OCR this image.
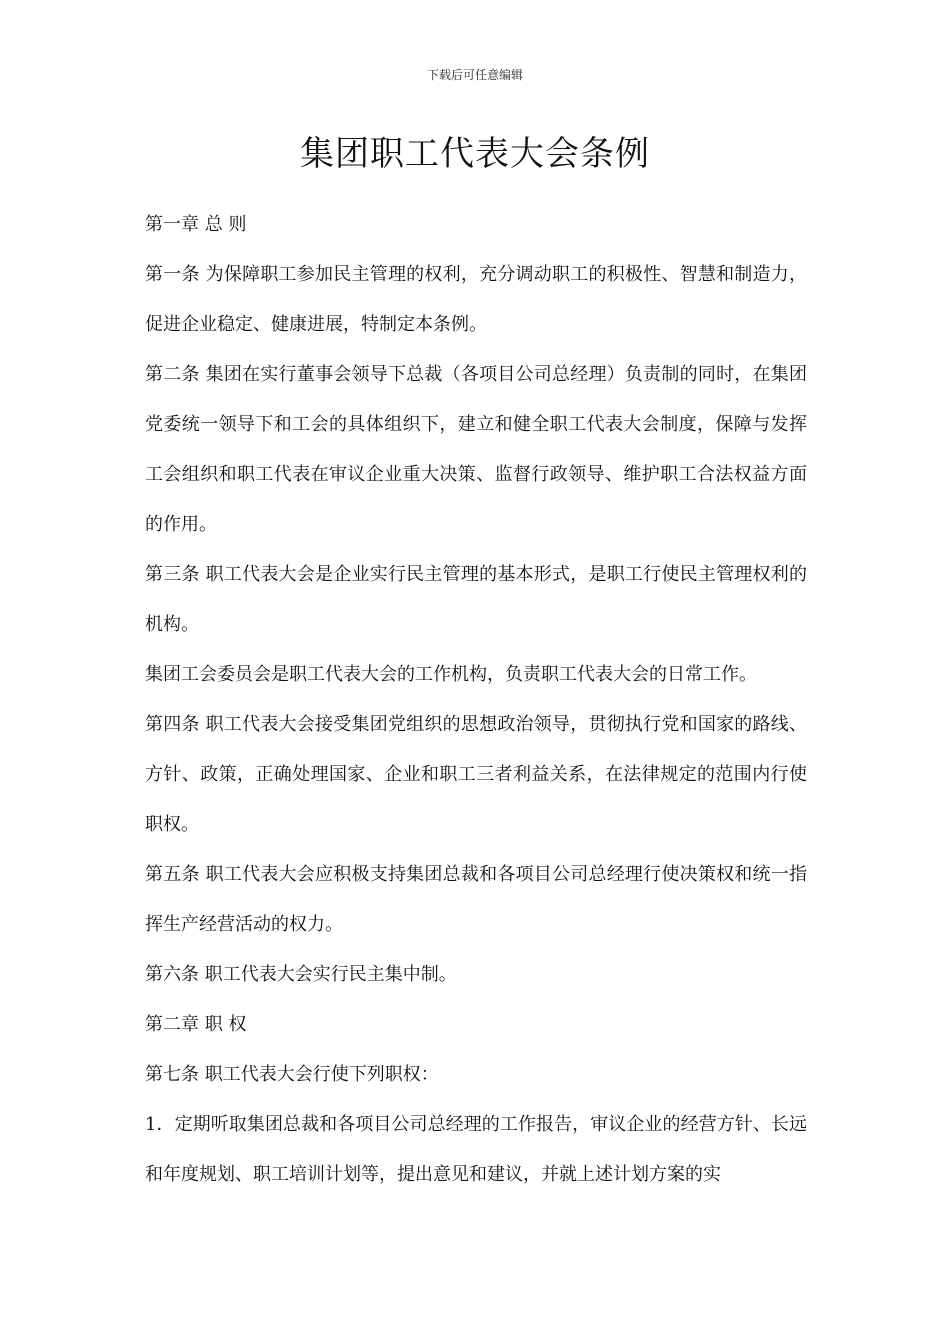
下载后可任意编辑
集团职工代表大会条例

第一章 总 则

第一条 为保障职工参加民主管理的权利，充分调动职工的积极性、智慧和制造力，促进企业稳定、健康进展，特制定本条例。

第二条 集团在实行董事会领导下总裁（各项目公司总经理）负责制的同时，在集团党委统一领导下和工会的具体组织下，建立和健全职工代表大会制度，保障与发挥工会组织和职工代表在审议企业重大决策、监督行政领导、维护职工合法权益方面的作用。

第三条 职工代表大会是企业实行民主管理的基本形式，是职工行使民主管理权利的机构。

集团工会委员会是职工代表大会的工作机构，负责职工代表大会的日常工作。

第四条 职工代表大会接受集团党组织的思想政治领导，贯彻执行党和国家的路线、方针、政策，正确处理国家、企业和职工三者利益关系，在法律规定的范围内行使职权。

第五条 职工代表大会应积极支持集团总裁和各项目公司总经理行使决策权和统一指挥生产经营活动的权力。

第六条 职工代表大会实行民主集中制。

第二章 职 权

第七条 职工代表大会行使下列职权：

1．定期听取集团总裁和各项目公司总经理的工作报告，审议企业的经营方针、长远和年度规划、职工培训计划等，提出意见和建议，并就上述计划方案的实
